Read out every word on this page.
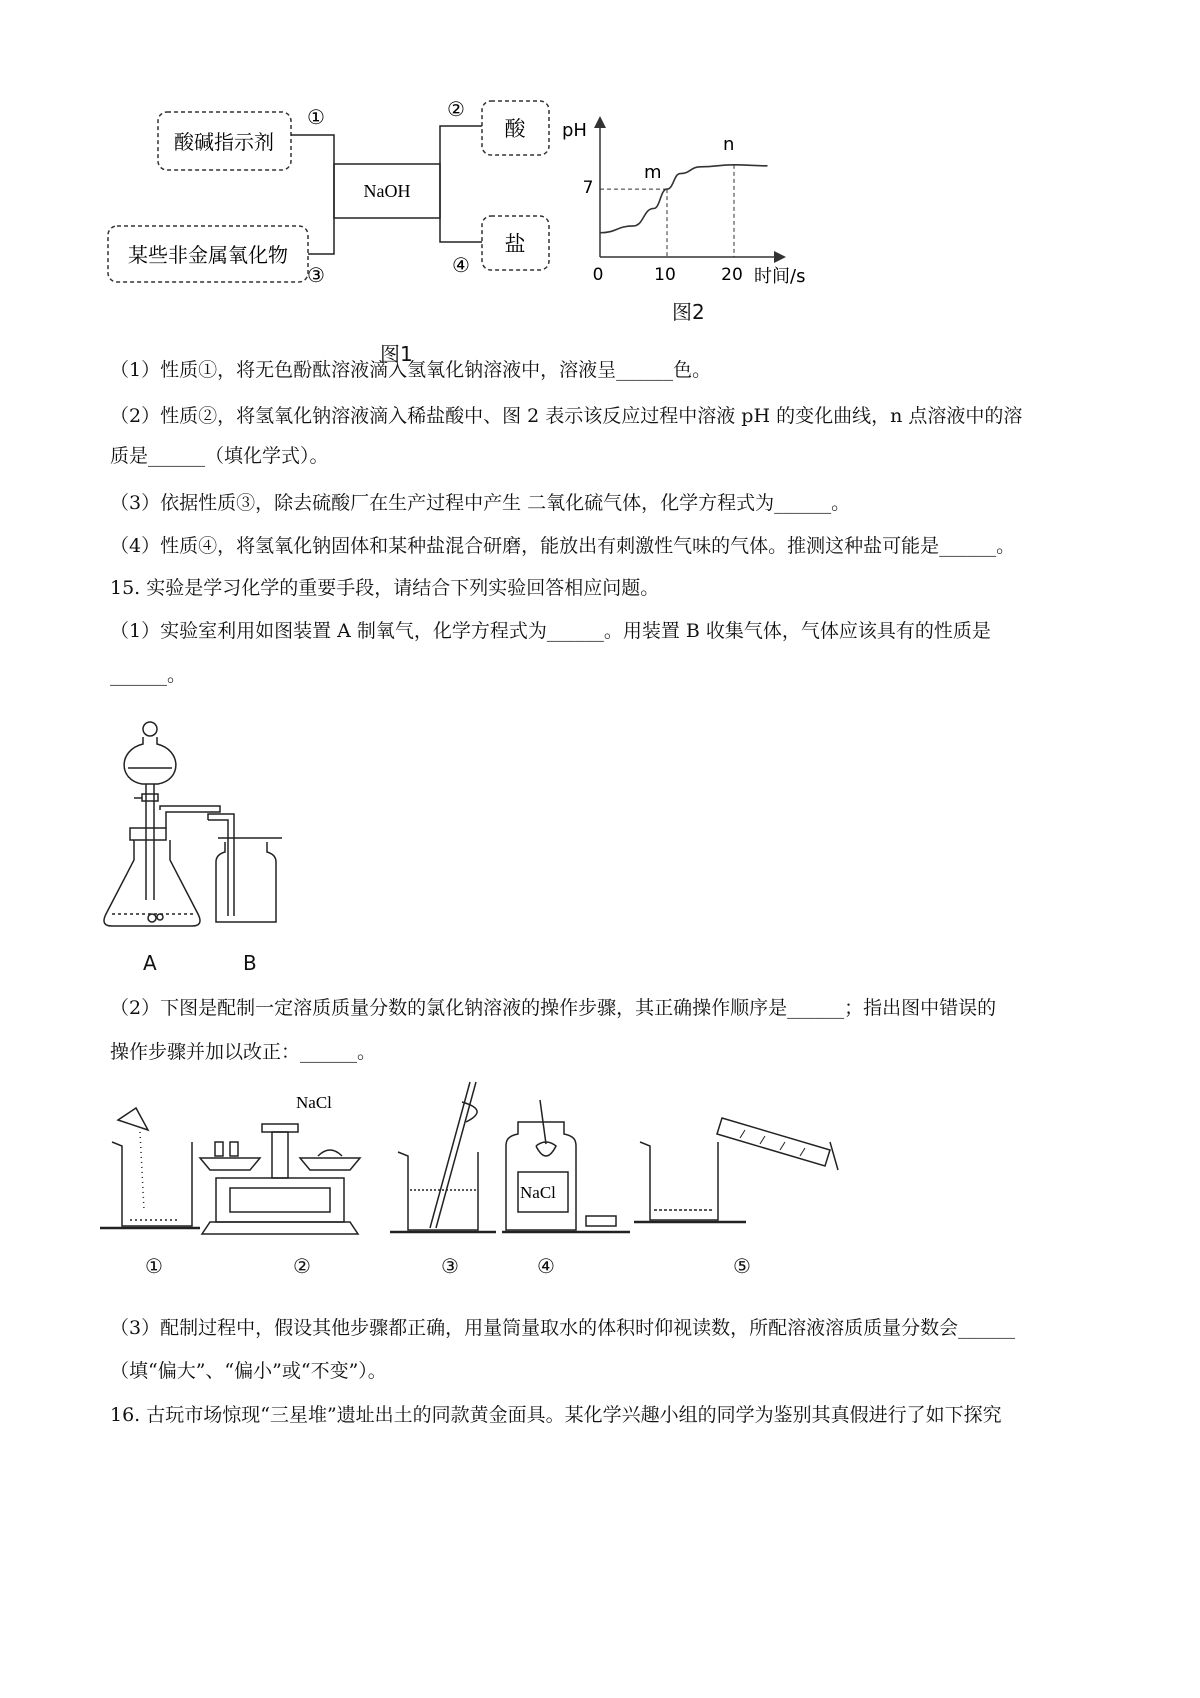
酸碱指示剂
某些非金属氧化物
NaOH
酸
盐
①	②
③	④
图1
pH
时间/s
0	10	20
7
m
n
图2
（1）性质①，将无色酚酞溶液滴入氢氧化钠溶液中，溶液呈______色。
（2）性质②，将氢氧化钠溶液滴入稀盐酸中、图 2 表示该反应过程中溶液 pH 的变化曲线，n 点溶液中的溶
质是______（填化学式）。
（3）依据性质③，除去硫酸厂在生产过程中产生 二氧化硫气体，化学方程式为______。
（4）性质④，将氢氧化钠固体和某种盐混合研磨，能放出有刺激性气味的气体。推测这种盐可能是______。
15. 实验是学习化学的重要手段，请结合下列实验回答相应问题。
（1）实验室利用如图装置 A 制氧气，化学方程式为______。用装置 B 收集气体，气体应该具有的性质是
______。
A	B
（2）下图是配制一定溶质质量分数的氯化钠溶液的操作步骤，其正确操作顺序是______；指出图中错误的
操作步骤并加以改正：______。
NaCl
NaCl
①	②	③	④	⑤
（3）配制过程中，假设其他步骤都正确，用量筒量取水的体积时仰视读数，所配溶液溶质质量分数会______
（填“偏大”、“偏小”或“不变”）。
16. 古玩市场惊现“三星堆”遗址出土的同款黄金面具。某化学兴趣小组的同学为鉴别其真假进行了如下探究
